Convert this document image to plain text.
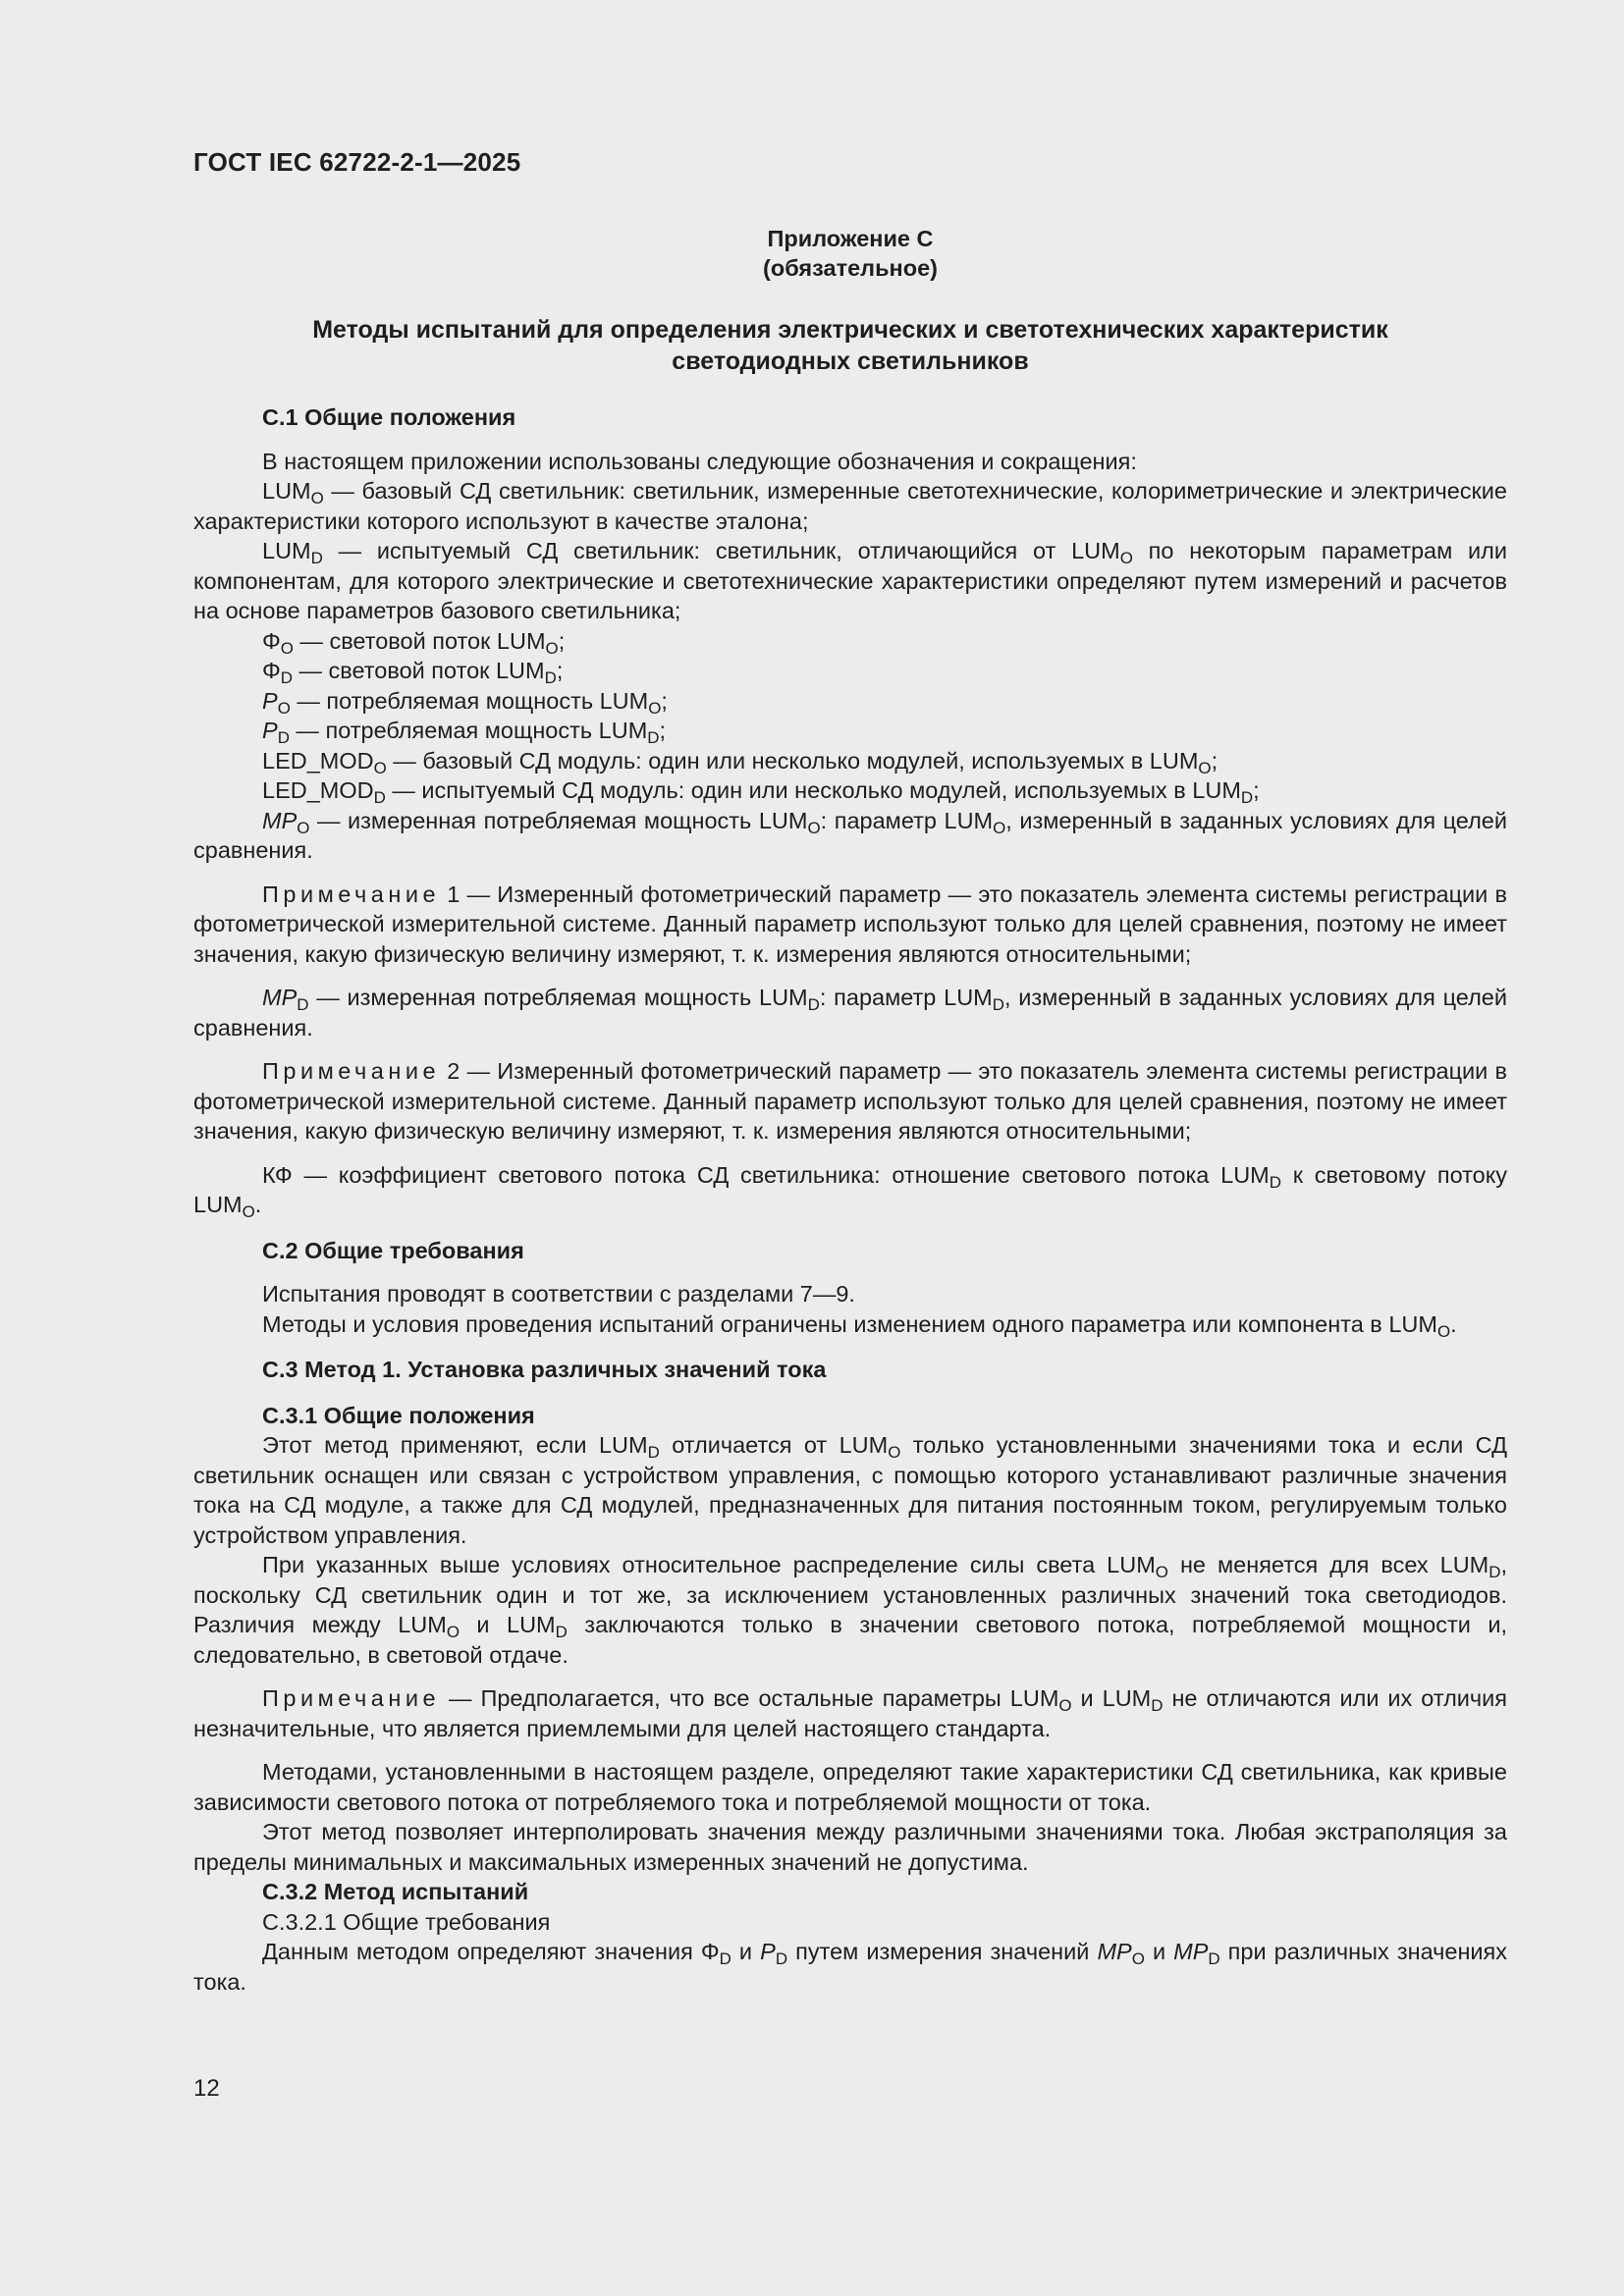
ГОСТ IEC 62722-2-1—2025
Приложение С
(обязательное)
Методы испытаний для определения электрических и светотехнических характеристик
светодиодных светильников
С.1 Общие положения

В настоящем приложении использованы следующие обозначения и сокращения:

$LUM_O$ — базовый СД светильник: светильник, измеренные светотехнические, колориметрические и электрические характеристики которого используют в качестве эталона;

$LUM_D$ — испытуемый СД светильник: светильник, отличающийся от $LUM_O$ по некоторым параметрам или компонентам, для которого электрические и светотехнические характеристики определяют путем измерений и расчетов на основе параметров базового светильника;

$\Phi_O$ — световой поток $LUM_O$;

$\Phi_D$ — световой поток $LUM_D$;

$P_O$ — потребляемая мощность $LUM_O$;

$P_D$ — потребляемая мощность $LUM_D$;

$LED\_MOD_O$ — базовый СД модуль: один или несколько модулей, используемых в $LUM_O$;

$LED\_MOD_D$ — испытуемый СД модуль: один или несколько модулей, используемых в $LUM_D$;

$MP_O$ — измеренная потребляемая мощность $LUM_O$: параметр $LUM_O$, измеренный в заданных условиях для целей сравнения.

Примечание 1 — Измеренный фотометрический параметр — это показатель элемента системы регистрации в фотометрической измерительной системе. Данный параметр используют только для целей сравнения, поэтому не имеет значения, какую физическую величину измеряют, т. к. измерения являются относительными;

$MP_D$ — измеренная потребляемая мощность $LUM_D$: параметр $LUM_D$, измеренный в заданных условиях для целей сравнения.

Примечание 2 — Измеренный фотометрический параметр — это показатель элемента системы регистрации в фотометрической измерительной системе. Данный параметр используют только для целей сравнения, поэтому не имеет значения, какую физическую величину измеряют, т. к. измерения являются относительными;

КФ — коэффициент светового потока СД светильника: отношение светового потока $LUM_D$ к световому потоку $LUM_O$.

С.2 Общие требования

Испытания проводят в соответствии с разделами 7—9.

Методы и условия проведения испытаний ограничены изменением одного параметра или компонента в $LUM_O$.

С.3 Метод 1. Установка различных значений тока
С.3.1 Общие положения

Этот метод применяют, если $LUM_D$ отличается от $LUM_O$ только установленными значениями тока и если СД светильник оснащен или связан с устройством управления, с помощью которого устанавливают различные значения тока на СД модуле, а также для СД модулей, предназначенных для питания постоянным током, регулируемым только устройством управления.

При указанных выше условиях относительное распределение силы света $LUM_O$ не меняется для всех $LUM_D$, поскольку СД светильник один и тот же, за исключением установленных различных значений тока светодиодов. Различия между $LUM_O$ и $LUM_D$ заключаются только в значении светового потока, потребляемой мощности и, следовательно, в световой отдаче.

Примечание — Предполагается, что все остальные параметры $LUM_O$ и $LUM_D$ не отличаются или их отличия незначительные, что является приемлемыми для целей настоящего стандарта.

Методами, установленными в настоящем разделе, определяют такие характеристики СД светильника, как кривые зависимости светового потока от потребляемого тока и потребляемой мощности от тока.

Этот метод позволяет интерполировать значения между различными значениями тока. Любая экстраполяция за пределы минимальных и максимальных измеренных значений не допустима.

С.3.2 Метод испытаний

С.3.2.1 Общие требования

Данным методом определяют значения $\Phi_D$ и $P_D$ путем измерения значений $MP_O$ и $MP_D$ при различных значениях тока.

12
